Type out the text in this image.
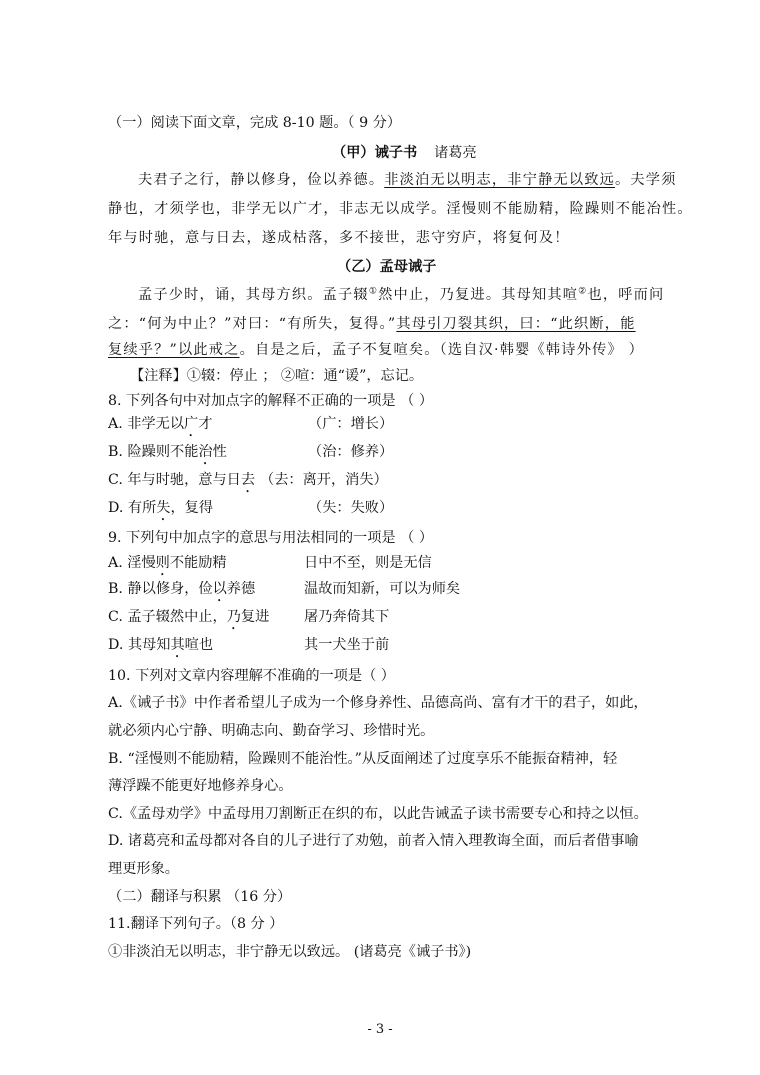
（一）阅读下面文章，完成 8-10 题。（ 9 分）
（甲）诫子书 诸葛亮
夫君子之行，静以修身，俭以养德。非淡泊无以明志，非宁静无以致远。夫学须
静也，才须学也，非学无以广才，非志无以成学。淫慢则不能励精，险躁则不能冶性。
年与时驰，意与日去，遂成枯落，多不接世，悲守穷庐，将复何及！
（乙）孟母诫子
孟子少时，诵，其母方织。孟子辍①然中止，乃复进。其母知其喧②也，呼而问
之：“何为中止？”对曰：“有所失，复得。”其母引刀裂其织，曰：“此织断，能
复续乎？”以此戒之。自是之后，孟子不复喧矣。（选自汉·韩婴《韩诗外传》 ）
【注释】①辍：停止 ； ②喧：通“谖”，忘记。
8. 下列各句中对加点字的解释不正确的一项是 （ ）
A. 非学无以广才	（广：增长）
B. 险躁则不能治性	（治：修养）
C. 年与时驰，意与日去 （去：离开，消失）
D. 有所失，复得	（失：失败）
9. 下列句中加点字的意思与用法相同的一项是 （ ）
A. 淫慢则不能励精	日中不至，则是无信
B. 静以修身，俭以养德	温故而知新，可以为师矣
C. 孟子辍然中止，乃复进 屠乃奔倚其下
D. 其母知其喧也	其一犬坐于前
10. 下列对文章内容理解不准确的一项是（ ）
A.《诫子书》中作者希望儿子成为一个修身养性、品德高尚、富有才干的君子，如此，
就必须内心宁静、明确志向、勤奋学习、珍惜时光。
B. “淫慢则不能励精，险躁则不能治性。”从反面阐述了过度享乐不能振奋精神，轻
薄浮躁不能更好地修养身心。
C.《孟母劝学》中孟母用刀割断正在织的布，以此告诫孟子读书需要专心和持之以恒。
D. 诸葛亮和孟母都对各自的儿子进行了劝勉，前者入情入理教诲全面，而后者借事喻
理更形象。
（二）翻译与积累 （16 分）
11.翻译下列句子。（8 分 ）
①非淡泊无以明志，非宁静无以致远。 (诸葛亮《诫子书》)
- 3 -
